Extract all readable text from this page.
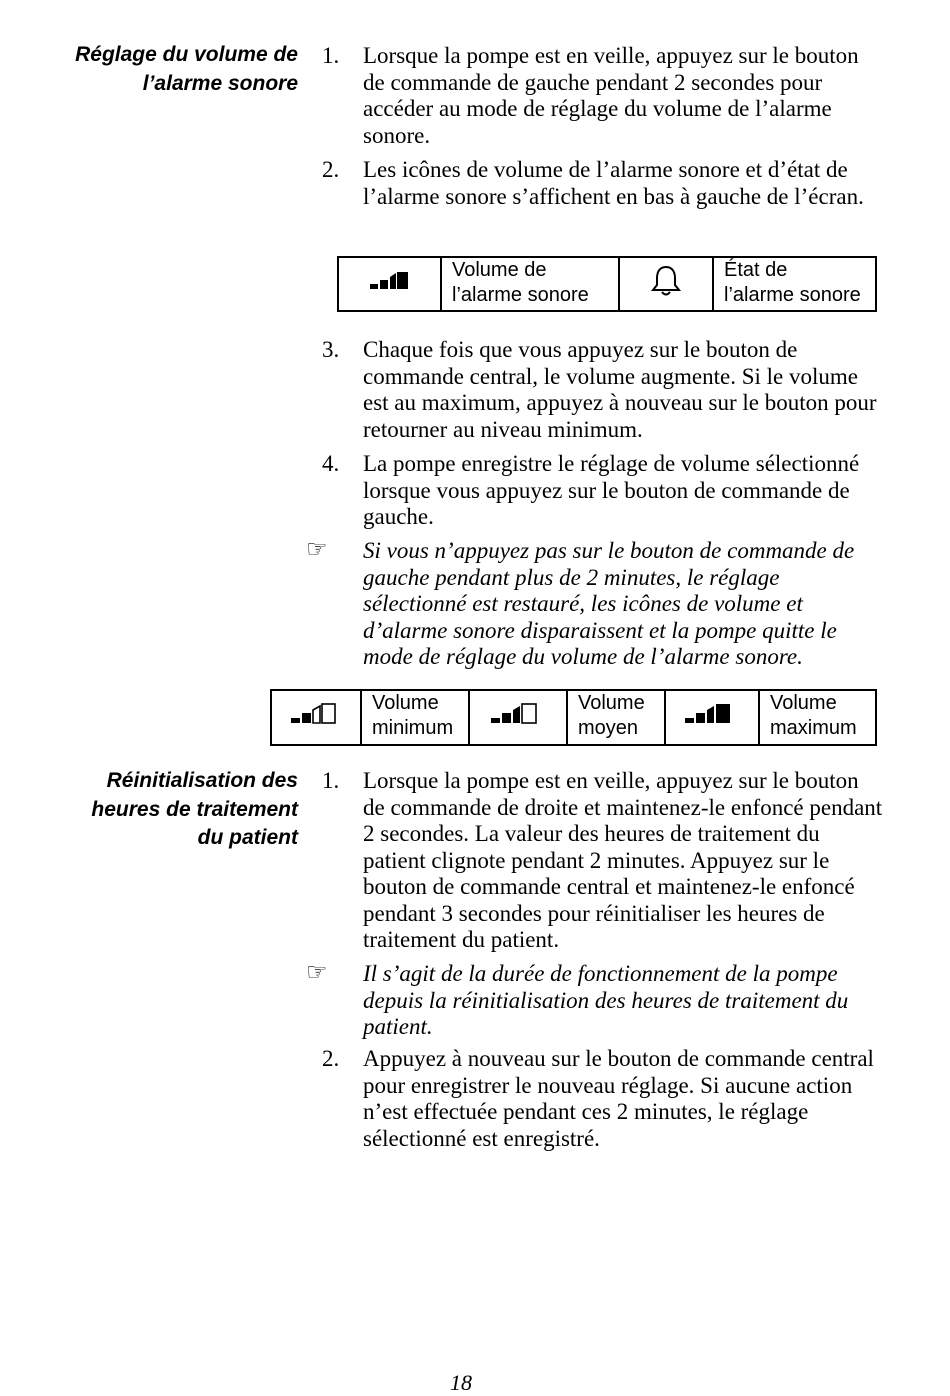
Réglage du volume de
l’alarme sonore
1. Lorsque la pompe est en veille, appuyez sur le bouton de commande de gauche pendant 2 secondes pour accéder au mode de réglage du volume de l’alarme sonore.
2. Les icônes de volume de l’alarme sonore et d’état de l’alarme sonore s’affichent en bas à gauche de l’écran.

Volume de
l’alarme sonore

État de
l’alarme sonore
3. Chaque fois que vous appuyez sur le bouton de commande central, le volume augmente. Si le volume est au maximum, appuyez à nouveau sur le bouton pour retourner au niveau minimum.
4. La pompe enregistre le réglage de volume sélectionné lorsque vous appuyez sur le bouton de commande de gauche.
☞ Si vous n’appuyez pas sur le bouton de commande de gauche pendant plus de 2 minutes, le réglage sélectionné est restauré, les icônes de volume et d’alarme sonore disparaissent et la pompe quitte le mode de réglage du volume de l’alarme sonore.

Volume
minimum

Volume
moyen

Volume
maximum
Réinitialisation des
heures de traitement
du patient
1. Lorsque la pompe est en veille, appuyez sur le bouton de commande de droite et maintenez-le enfoncé pendant 2 secondes. La valeur des heures de traitement du patient clignote pendant 2 minutes. Appuyez sur le bouton de commande central et maintenez-le enfoncé pendant 3 secondes pour réinitialiser les heures de traitement du patient.
☞ Il s’agit de la durée de fonctionnement de la pompe depuis la réinitialisation des heures de traitement du patient.
2. Appuyez à nouveau sur le bouton de commande central pour enregistrer le nouveau réglage. Si aucune action n’est effectuée pendant ces 2 minutes, le réglage sélectionné est enregistré.
18
